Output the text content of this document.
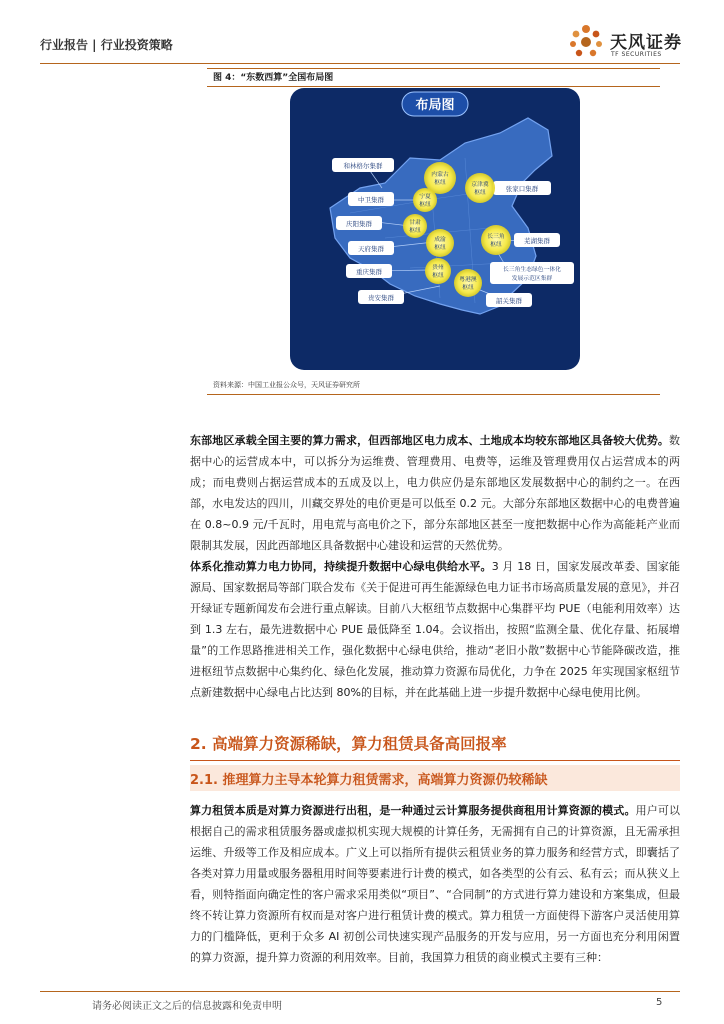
行业报告 | 行业投资策略	天风证券
TF SECURITIES
图 4：“东数西算”全国布局图
布局图
和林格尔集群
张家口集群
中卫集群
庆阳集群
天府集群
重庆集群
贵安集群
芜湖集群
长三角生态绿色一体化
发展示范区集群
韶关集群
内蒙古
枢纽	京津冀
枢纽
宁夏
枢纽
甘肃
枢纽
成渝
枢纽
贵州
枢纽
长三角
枢纽
粤港澳
枢纽
资料来源：中国工业报公众号，天风证券研究所

东部地区承载全国主要的算力需求，但西部地区电力成本、土地成本均较东部地区具备较大优势。数据中心的运营成本中，可以拆分为运维费、管理费用、电费等，运维及管理费用仅占运营成本的两成；而电费则占据运营成本的五成及以上，电力供应仍是东部地区发展数据中心的制约之一。在西部，水电发达的四川，川藏交界处的电价更是可以低至 0.2 元。大部分东部地区数据中心的电费普遍在 0.8~0.9 元/千瓦时，用电荒与高电价之下，部分东部地区甚至一度把数据中心作为高能耗产业而限制其发展，因此西部地区具备数据中心建设和运营的天然优势。

体系化推动算力电力协同，持续提升数据中心绿电供给水平。3 月 18 日，国家发展改革委、国家能源局、国家数据局等部门联合发布《关于促进可再生能源绿色电力证书市场高质量发展的意见》，并召开绿证专题新闻发布会进行重点解读。目前八大枢纽节点数据中心集群平均 PUE（电能利用效率）达到 1.3 左右，最先进数据中心 PUE 最低降至 1.04。会议指出，按照“监测全量、优化存量、拓展增量”的工作思路推进相关工作，强化数据中心绿电供给，推动“老旧小散”数据中心节能降碳改造，推进枢纽节点数据中心集约化、绿色化发展，推动算力资源布局优化，力争在 2025 年实现国家枢纽节点新建数据中心绿电占比达到 80%的目标，并在此基础上进一步提升数据中心绿电使用比例。

2. 高端算力资源稀缺，算力租赁具备高回报率
2.1. 推理算力主导本轮算力租赁需求，高端算力资源仍较稀缺

算力租赁本质是对算力资源进行出租，是一种通过云计算服务提供商租用计算资源的模式。用户可以根据自己的需求租赁服务器或虚拟机实现大规模的计算任务，无需拥有自己的计算资源，且无需承担运维、升级等工作及相应成本。广义上可以指所有提供云租赁业务的算力服务和经营方式，即囊括了各类对算力用量或服务器租用时间等要素进行计费的模式，如各类型的公有云、私有云；而从狭义上看，则特指面向确定性的客户需求采用类似“项目”、“合同制”的方式进行算力建设和方案集成，但最终不转让算力资源所有权而是对客户进行租赁计费的模式。算力租赁一方面使得下游客户灵活使用算力的门槛降低，更利于众多 AI 初创公司快速实现产品服务的开发与应用，另一方面也充分利用闲置的算力资源，提升算力资源的利用效率。目前，我国算力租赁的商业模式主要有三种：

请务必阅读正文之后的信息披露和免责申明	5
